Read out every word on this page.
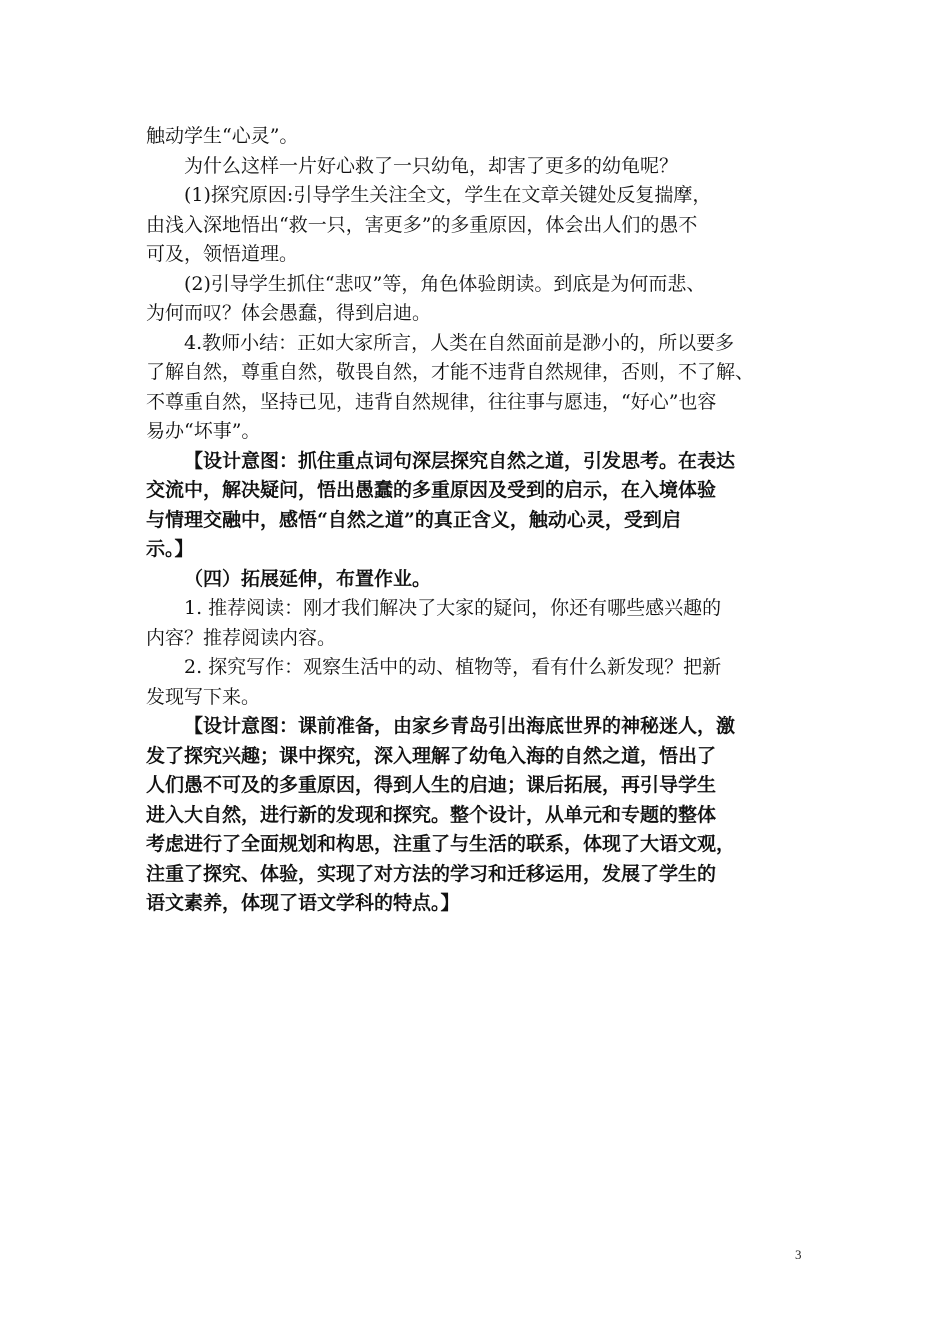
触动学生“心灵”。
为什么这样一片好心救了一只幼龟，却害了更多的幼龟呢？
(1)探究原因:引导学生关注全文，学生在文章关键处反复揣摩，
由浅入深地悟出“救一只，害更多”的多重原因，体会出人们的愚不
可及，领悟道理。
(2)引导学生抓住“悲叹”等，角色体验朗读。到底是为何而悲、
为何而叹？体会愚蠢，得到启迪。
4.教师小结：正如大家所言，人类在自然面前是渺小的，所以要多
了解自然，尊重自然，敬畏自然，才能不违背自然规律，否则，不了解、
不尊重自然，坚持已见，违背自然规律，往往事与愿违，“好心”也容
易办“坏事”。
【设计意图：抓住重点词句深层探究自然之道，引发思考。在表达
交流中，解决疑问，悟出愚蠢的多重原因及受到的启示，在入境体验
与情理交融中，感悟“自然之道”的真正含义，触动心灵，受到启
示。】
（四）拓展延伸，布置作业。
1. 推荐阅读：刚才我们解决了大家的疑问，你还有哪些感兴趣的
内容？推荐阅读内容。
2. 探究写作：观察生活中的动、植物等，看有什么新发现？把新
发现写下来。
【设计意图：课前准备，由家乡青岛引出海底世界的神秘迷人，激
发了探究兴趣；课中探究，深入理解了幼龟入海的自然之道，悟出了
人们愚不可及的多重原因，得到人生的启迪；课后拓展，再引导学生
进入大自然，进行新的发现和探究。整个设计，从单元和专题的整体
考虑进行了全面规划和构思，注重了与生活的联系，体现了大语文观，
注重了探究、体验，实现了对方法的学习和迁移运用，发展了学生的
语文素养，体现了语文学科的特点。】
3
